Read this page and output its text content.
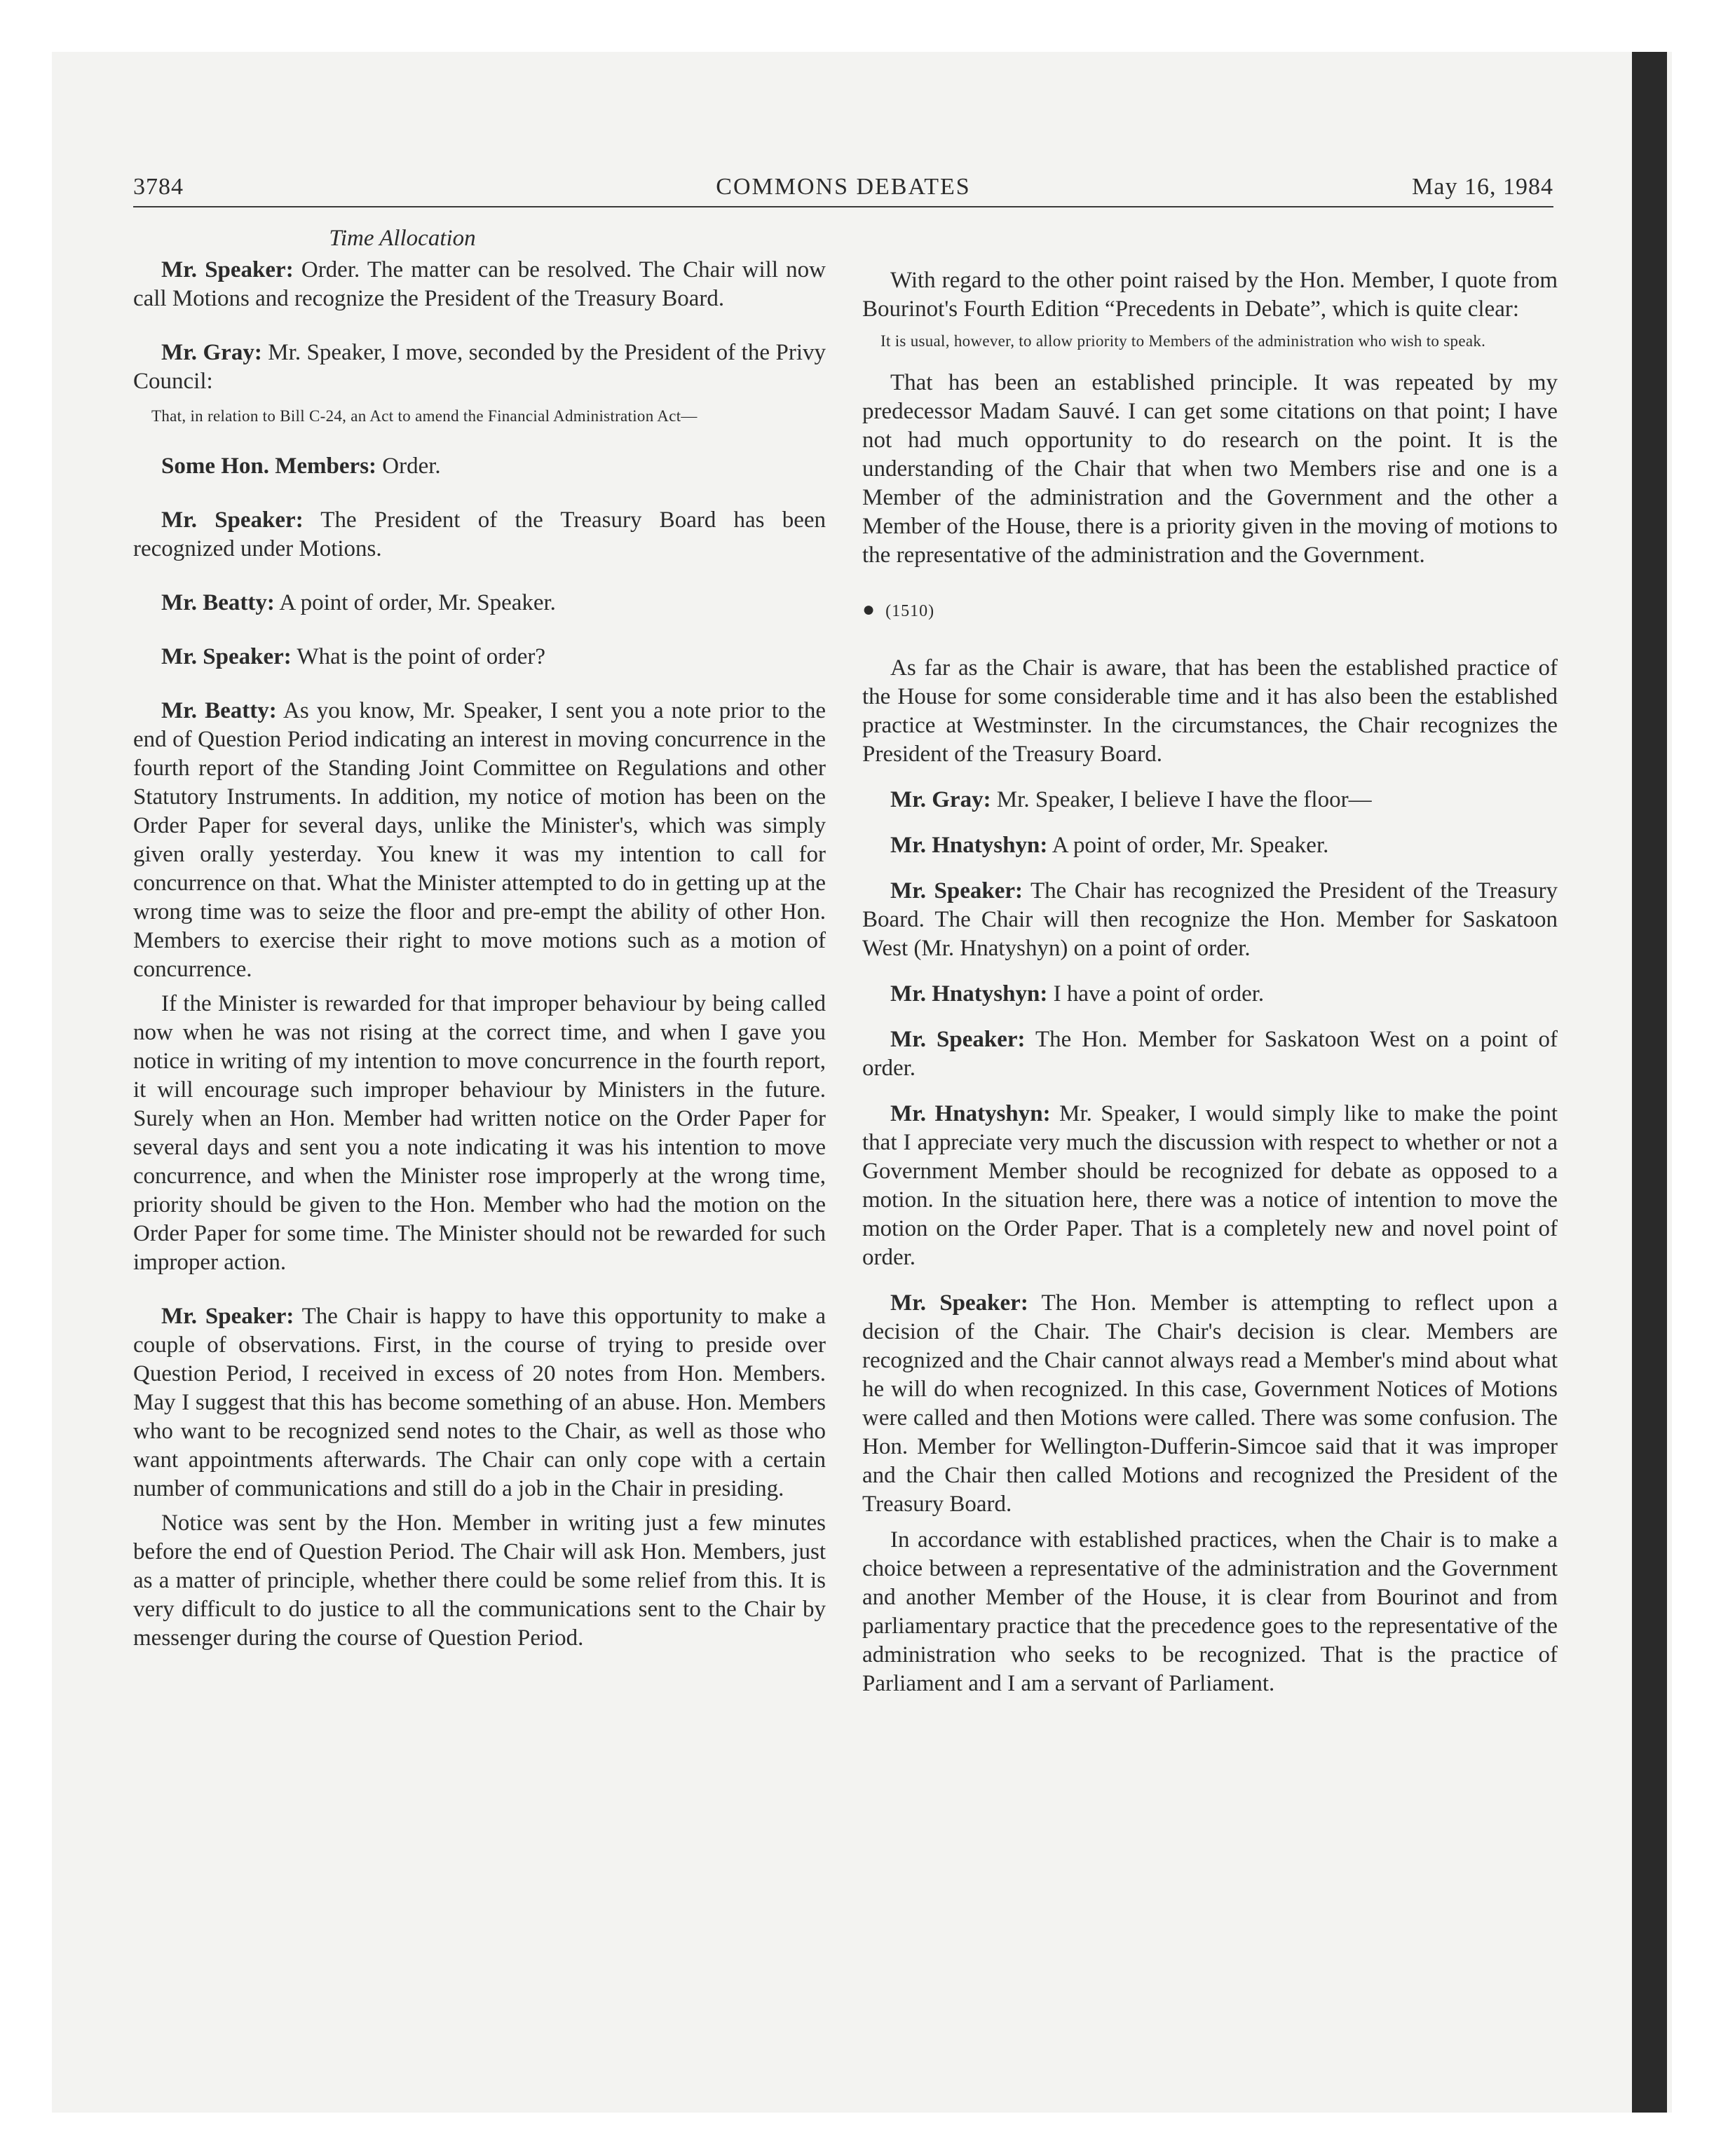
3784	COMMONS DEBATES	May 16, 1984
Time Allocation

Mr. Speaker: Order. The matter can be resolved. The Chair will now call Motions and recognize the President of the Treasury Board.

Mr. Gray: Mr. Speaker, I move, seconded by the President of the Privy Council:

That, in relation to Bill C-24, an Act to amend the Financial Administration Act—

Some Hon. Members: Order.

Mr. Speaker: The President of the Treasury Board has been recognized under Motions.

Mr. Beatty: A point of order, Mr. Speaker.

Mr. Speaker: What is the point of order?

Mr. Beatty: As you know, Mr. Speaker, I sent you a note prior to the end of Question Period indicating an interest in moving concurrence in the fourth report of the Standing Joint Committee on Regulations and other Statutory Instruments. In addition, my notice of motion has been on the Order Paper for several days, unlike the Minister's, which was simply given orally yesterday. You knew it was my intention to call for concurrence on that. What the Minister attempted to do in getting up at the wrong time was to seize the floor and pre-empt the ability of other Hon. Members to exercise their right to move motions such as a motion of concurrence.

If the Minister is rewarded for that improper behaviour by being called now when he was not rising at the correct time, and when I gave you notice in writing of my intention to move concurrence in the fourth report, it will encourage such improper behaviour by Ministers in the future. Surely when an Hon. Member had written notice on the Order Paper for several days and sent you a note indicating it was his intention to move concurrence, and when the Minister rose improperly at the wrong time, priority should be given to the Hon. Member who had the motion on the Order Paper for some time. The Minister should not be rewarded for such improper action.

Mr. Speaker: The Chair is happy to have this opportunity to make a couple of observations. First, in the course of trying to preside over Question Period, I received in excess of 20 notes from Hon. Members. May I suggest that this has become something of an abuse. Hon. Members who want to be recognized send notes to the Chair, as well as those who want appointments afterwards. The Chair can only cope with a certain number of communications and still do a job in the Chair in presiding.

Notice was sent by the Hon. Member in writing just a few minutes before the end of Question Period. The Chair will ask Hon. Members, just as a matter of principle, whether there could be some relief from this. It is very difficult to do justice to all the communications sent to the Chair by messenger during the course of Question Period.

With regard to the other point raised by the Hon. Member, I quote from Bourinot's Fourth Edition “Precedents in Debate”, which is quite clear:

It is usual, however, to allow priority to Members of the administration who wish to speak.

That has been an established principle. It was repeated by my predecessor Madam Sauvé. I can get some citations on that point; I have not had much opportunity to do research on the point. It is the understanding of the Chair that when two Members rise and one is a Member of the administration and the Government and the other a Member of the House, there is a priority given in the moving of motions to the representative of the administration and the Government.

● (1510)

As far as the Chair is aware, that has been the established practice of the House for some considerable time and it has also been the established practice at Westminster. In the circumstances, the Chair recognizes the President of the Treasury Board.

Mr. Gray: Mr. Speaker, I believe I have the floor—

Mr. Hnatyshyn: A point of order, Mr. Speaker.

Mr. Speaker: The Chair has recognized the President of the Treasury Board. The Chair will then recognize the Hon. Member for Saskatoon West (Mr. Hnatyshyn) on a point of order.

Mr. Hnatyshyn: I have a point of order.

Mr. Speaker: The Hon. Member for Saskatoon West on a point of order.

Mr. Hnatyshyn: Mr. Speaker, I would simply like to make the point that I appreciate very much the discussion with respect to whether or not a Government Member should be recognized for debate as opposed to a motion. In the situation here, there was a notice of intention to move the motion on the Order Paper. That is a completely new and novel point of order.

Mr. Speaker: The Hon. Member is attempting to reflect upon a decision of the Chair. The Chair's decision is clear. Members are recognized and the Chair cannot always read a Member's mind about what he will do when recognized. In this case, Government Notices of Motions were called and then Motions were called. There was some confusion. The Hon. Member for Wellington-Dufferin-Simcoe said that it was improper and the Chair then called Motions and recognized the President of the Treasury Board.

In accordance with established practices, when the Chair is to make a choice between a representative of the administration and the Government and another Member of the House, it is clear from Bourinot and from parliamentary practice that the precedence goes to the representative of the administration who seeks to be recognized. That is the practice of Parliament and I am a servant of Parliament.
